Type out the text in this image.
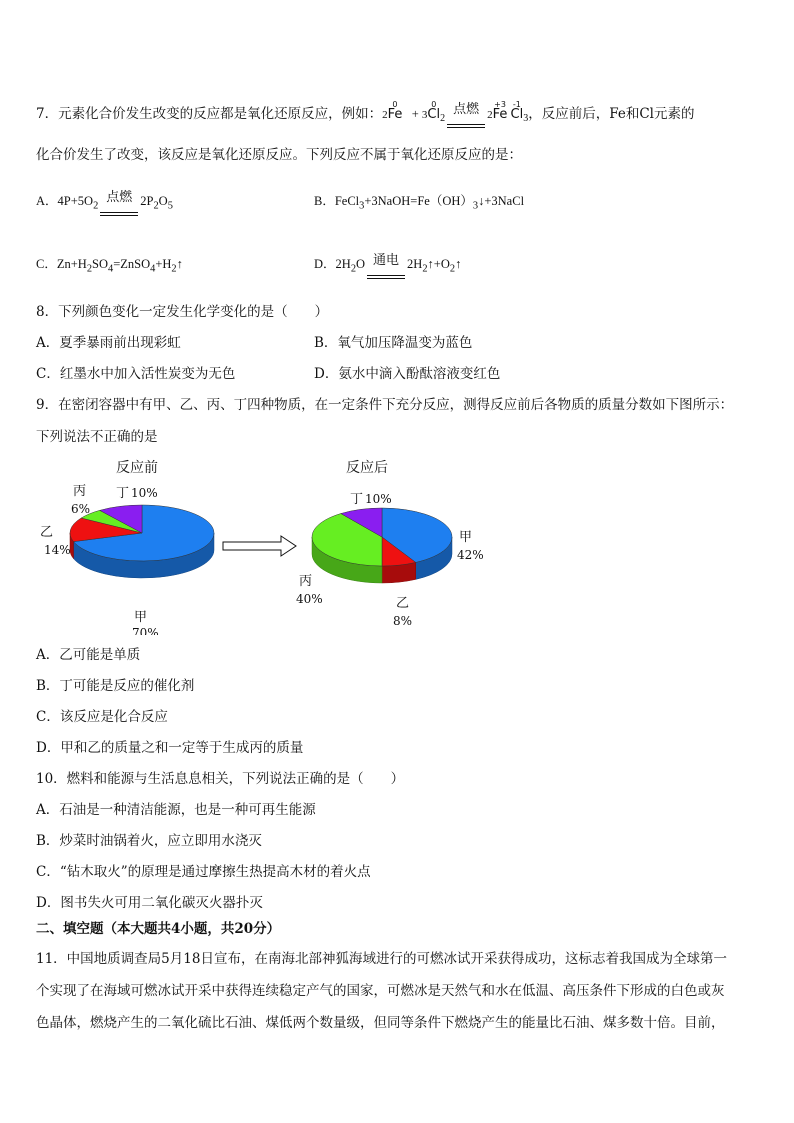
7．元素化合价发生改变的反应都是氧化还原反应，例如：2
0
Fe + 3
0
$Cl_2$
点燃 2
+3
Fe
-1
$Cl_3$，反应前后，Fe和Cl元素的
化合价发生了改变，该反应是氧化还原反应。下列反应不属于氧化还原反应的是：
A．$4P+5O_2$
点燃 $2P_2O_5$	B．$FeCl_3+3NaOH=Fe(OH)_3↓+3NaCl$
C．$Zn+H_2SO_4=ZnSO_4+H_2↑$	D．$2H_2O$ 通电 $2H_2↑+O_2↑$
8．下列颜色变化一定发生化学变化的是（　　）
A．夏季暴雨前出现彩虹	B．氧气加压降温变为蓝色
C．红墨水中加入活性炭变为无色	D．氨水中滴入酚酞溶液变红色
9．在密闭容器中有甲、乙、丙、丁四种物质，在一定条件下充分反应，测得反应前后各物质的质量分数如下图所示：
下列说法不正确的是
反应前
甲
70%
乙
14%
丙
6%
丁 10%
反应后
甲
42%
乙
8%
丙
40%
丁 10%
A．乙可能是单质
B．丁可能是反应的催化剂
C．该反应是化合反应
D．甲和乙的质量之和一定等于生成丙的质量
10．燃料和能源与生活息息相关，下列说法正确的是（　　）
A．石油是一种清洁能源，也是一种可再生能源
B．炒菜时油锅着火，应立即用水浇灭
C．“钻木取火”的原理是通过摩擦生热提高木材的着火点
D．图书失火可用二氧化碳灭火器扑灭
二、填空题（本大题共4小题，共20分）
11．中国地质调查局5月18日宣布，在南海北部神狐海域进行的可燃冰试开采获得成功，这标志着我国成为全球第一
个实现了在海域可燃冰试开采中获得连续稳定产气的国家，可燃冰是天然气和水在低温、高压条件下形成的白色或灰
色晶体，燃烧产生的二氧化硫比石油、煤低两个数量级，但同等条件下燃烧产生的能量比石油、煤多数十倍。目前，
